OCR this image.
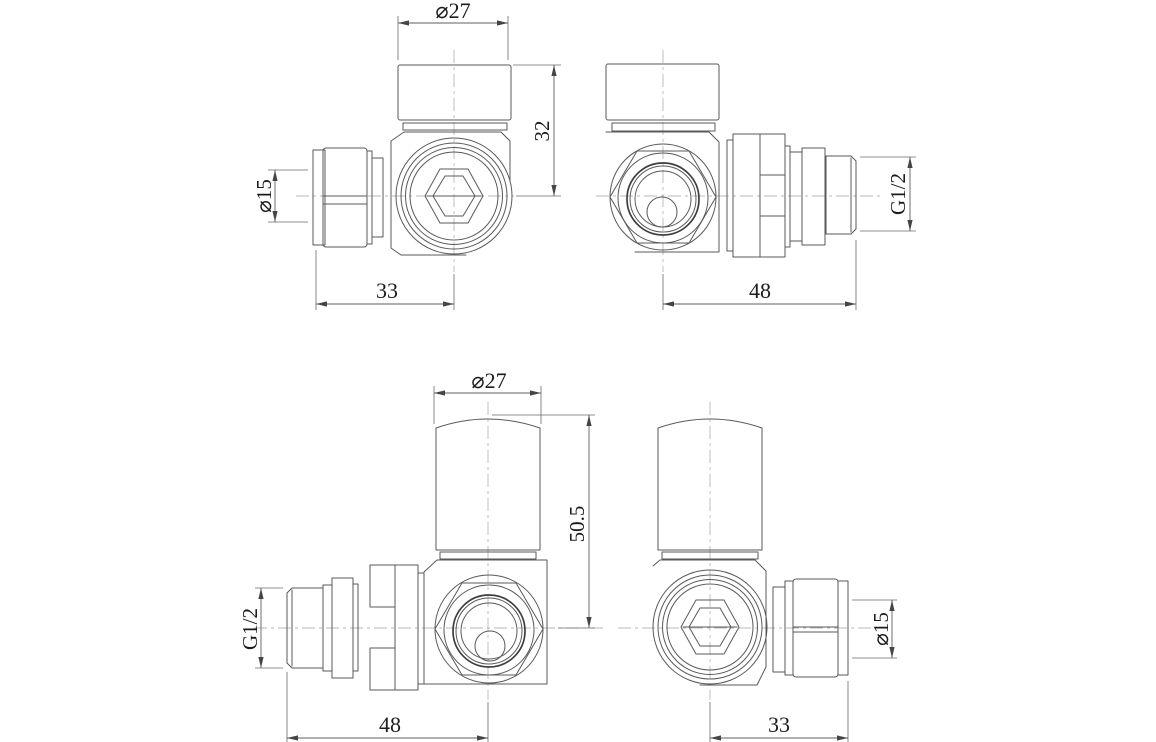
⌀27
32
⌀15
33	48
G1/2
⌀27
50.5
G1/2
48
⌀15
33
